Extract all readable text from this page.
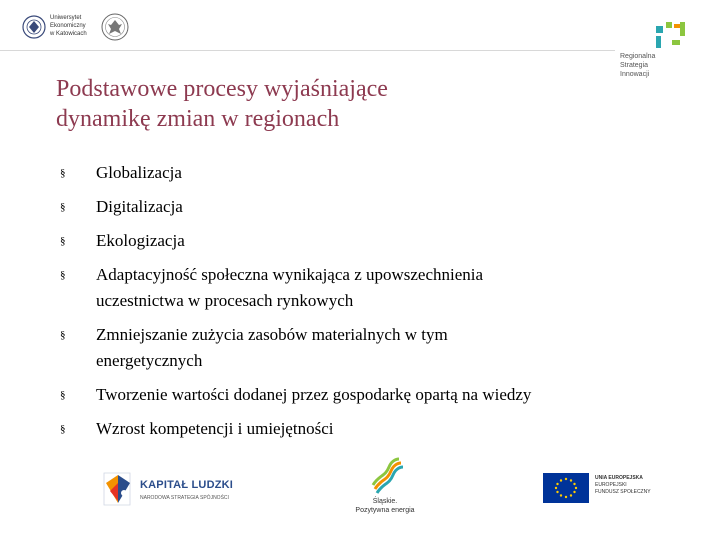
Uniwersytet
Ekonomiczny
w Katowicach
Regionalna
Strategia
Innowacji
Podstawowe procesy wyjaśniające
dynamikę zmian w regionach
§ Globalizacja
§ Digitalizacja
§ Ekologizacja
§ Adaptacyjność społeczna wynikająca z upowszechnienia
uczestnictwa w procesach rynkowych
§ Zmniejszanie zużycia zasobów materialnych w tym
energetycznych
§ Tworzenie wartości dodanej przez gospodarkę opartą na wiedzy
§ Wzrost kompetencji i umiejętności
KAPITAŁ LUDZKI
NARODOWA STRATEGIA SPÓJNOŚCI	Śląskie.
Pozytywna energia
UNIA EUROPEJSKA
EUROPEJSKI
FUNDUSZ SPOŁECZNY
